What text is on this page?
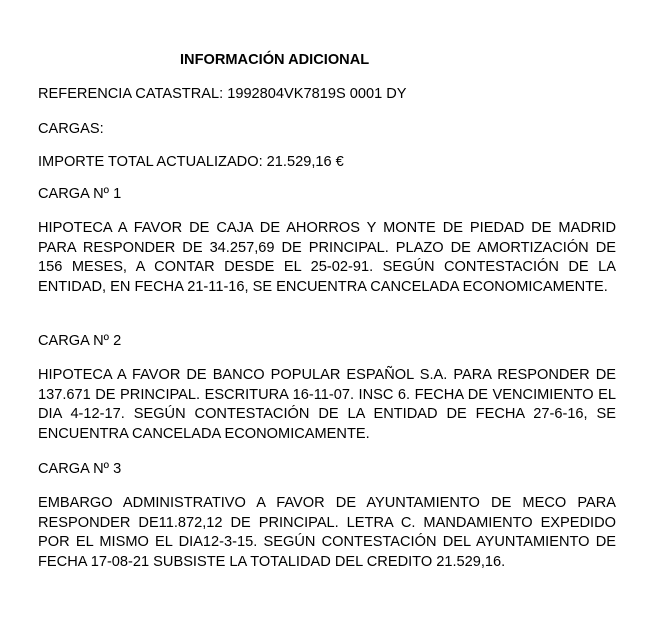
INFORMACIÓN ADICIONAL
REFERENCIA CATASTRAL: 1992804VK7819S 0001 DY
CARGAS:
IMPORTE TOTAL ACTUALIZADO: 21.529,16 €
CARGA Nº 1

HIPOTECA A FAVOR DE CAJA DE AHORROS Y MONTE DE PIEDAD DE MADRID PARA RESPONDER DE 34.257,69 DE PRINCIPAL. PLAZO DE AMORTIZACIÓN DE 156 MESES, A CONTAR DESDE EL 25-02-91. SEGÚN CONTESTACIÓN DE LA ENTIDAD, EN FECHA 21-11-16, SE ENCUENTRA CANCELADA ECONOMICAMENTE.

CARGA Nº 2

HIPOTECA A FAVOR DE BANCO POPULAR ESPAÑOL S.A. PARA RESPONDER DE 137.671 DE PRINCIPAL. ESCRITURA 16-11-07. INSC 6. FECHA DE VENCIMIENTO EL DIA 4-12-17. SEGÚN CONTESTACIÓN DE LA ENTIDAD DE FECHA 27-6-16, SE ENCUENTRA CANCELADA ECONOMICAMENTE.

CARGA Nº 3

EMBARGO ADMINISTRATIVO A FAVOR DE AYUNTAMIENTO DE MECO PARA RESPONDER DE11.872,12 DE PRINCIPAL. LETRA C. MANDAMIENTO EXPEDIDO POR EL MISMO EL DIA12-3-15. SEGÚN CONTESTACIÓN DEL AYUNTAMIENTO DE FECHA 17-08-21 SUBSISTE LA TOTALIDAD DEL CREDITO 21.529,16.
